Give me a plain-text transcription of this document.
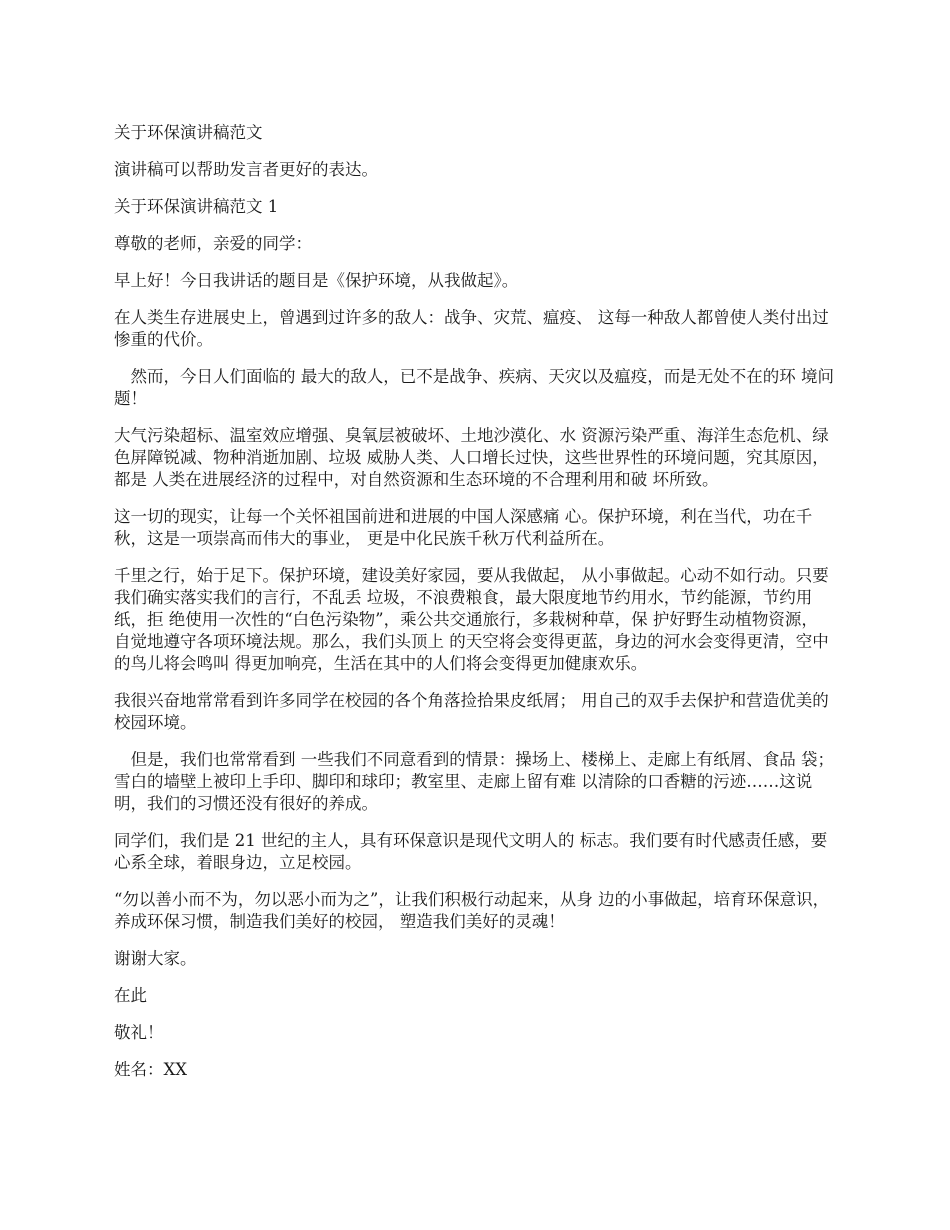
关于环保演讲稿范文

演讲稿可以帮助发言者更好的表达。

关于环保演讲稿范文 1

尊敬的老师，亲爱的同学：

早上好！今日我讲话的题目是《保护环境，从我做起》。

在人类生存进展史上，曾遇到过许多的敌人：战争、灾荒、瘟疫、 这每一种敌人都曾使人类付出过惨重的代价。

然而，今日人们面临的 最大的敌人，已不是战争、疾病、天灾以及瘟疫，而是无处不在的环 境问题！

大气污染超标、温室效应增强、臭氧层被破坏、土地沙漠化、水 资源污染严重、海洋生态危机、绿色屏障锐减、物种消逝加剧、垃圾 威胁人类、人口增长过快，这些世界性的环境问题，究其原因，都是 人类在进展经济的过程中，对自然资源和生态环境的不合理利用和破 坏所致。

这一切的现实，让每一个关怀祖国前进和进展的中国人深感痛 心。保护环境，利在当代，功在千秋，这是一项崇高而伟大的事业， 更是中化民族千秋万代利益所在。

千里之行，始于足下。保护环境，建设美好家园，要从我做起， 从小事做起。心动不如行动。只要我们确实落实我们的言行，不乱丢 垃圾，不浪费粮食，最大限度地节约用水，节约能源，节约用纸，拒 绝使用一次性的“白色污染物”，乘公共交通旅行，多栽树种草，保 护好野生动植物资源，自觉地遵守各项环境法规。那么，我们头顶上 的天空将会变得更蓝，身边的河水会变得更清，空中的鸟儿将会鸣叫 得更加响亮，生活在其中的人们将会变得更加健康欢乐。

我很兴奋地常常看到许多同学在校园的各个角落捡拾果皮纸屑； 用自己的双手去保护和营造优美的校园环境。

但是，我们也常常看到 一些我们不同意看到的情景：操场上、楼梯上、走廊上有纸屑、食品 袋；雪白的墙壁上被印上手印、脚印和球印；教室里、走廊上留有难 以清除的口香糖的污迹……这说明，我们的习惯还没有很好的养成。

同学们，我们是 21 世纪的主人，具有环保意识是现代文明人的 标志。我们要有时代感责任感，要心系全球，着眼身边，立足校园。

“勿以善小而不为，勿以恶小而为之”，让我们积极行动起来，从身 边的小事做起，培育环保意识，养成环保习惯，制造我们美好的校园， 塑造我们美好的灵魂！

谢谢大家。

在此

敬礼！

姓名：XX
